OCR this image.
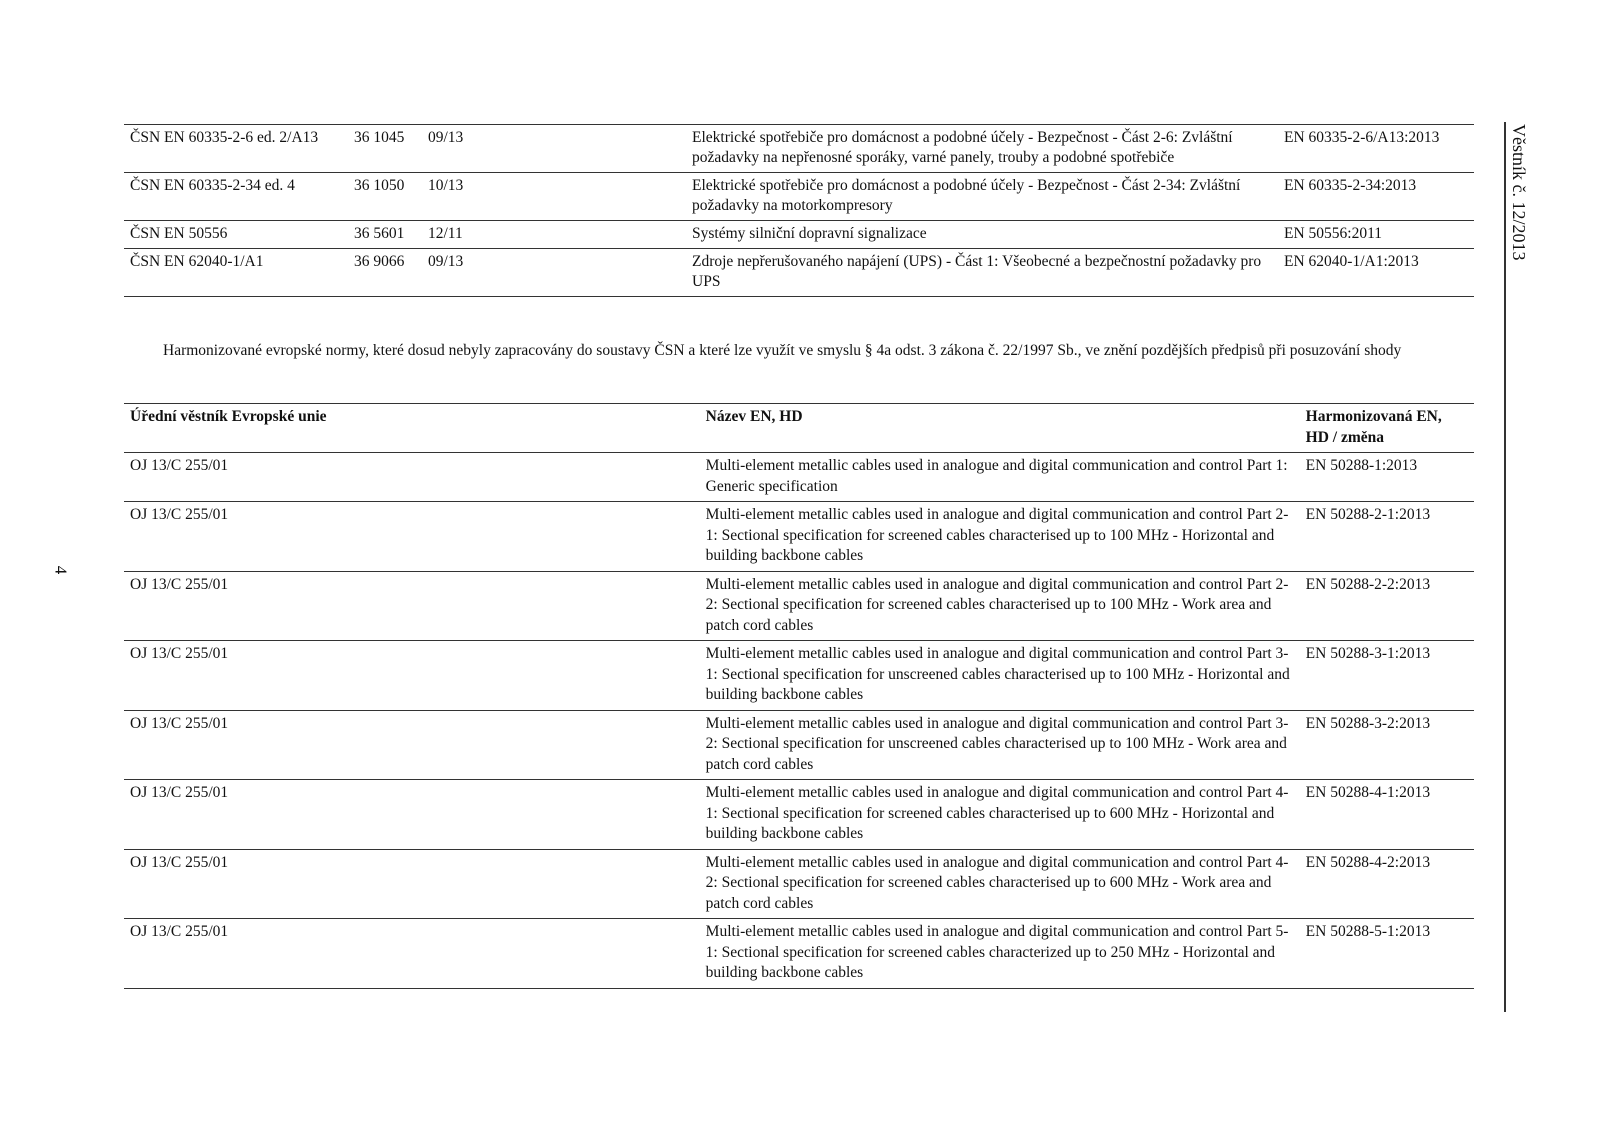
4
Věstník č. 12/2013
ČSN EN 60335-2-6 ed. 2/A13	36 1045	09/13	Elektrické spotřebiče pro domácnost a podobné účely - Bezpečnost - Část 2-6: Zvláštní požadavky na nepřenosné sporáky, varné panely, trouby a podobné spotřebiče	EN 60335-2-6/A13:2013
ČSN EN 60335-2-34 ed. 4	36 1050	10/13	Elektrické spotřebiče pro domácnost a podobné účely - Bezpečnost - Část 2-34: Zvláštní požadavky na motorkompresory	EN 60335-2-34:2013
ČSN EN 50556	36 5601	12/11	Systémy silniční dopravní signalizace	EN 50556:2011
ČSN EN 62040-1/A1	36 9066	09/13	Zdroje nepřerušovaného napájení (UPS) - Část 1: Všeobecné a bezpečnostní požadavky pro UPS	EN 62040-1/A1:2013
Harmonizované evropské normy, které dosud nebyly zapracovány do soustavy ČSN a které lze využít ve smyslu § 4a odst. 3 zákona č. 22/1997 Sb., ve znění pozdějších předpisů při posuzování shody
Úřední věstník Evropské unie	Název EN, HD	Harmonizovaná EN, HD / změna
OJ 13/C 255/01	Multi-element metallic cables used in analogue and digital communication and control Part 1: Generic specification	EN 50288-1:2013
OJ 13/C 255/01	Multi-element metallic cables used in analogue and digital communication and control Part 2-1: Sectional specification for screened cables characterised up to 100 MHz - Horizontal and building backbone cables	EN 50288-2-1:2013
OJ 13/C 255/01	Multi-element metallic cables used in analogue and digital communication and control Part 2-2: Sectional specification for screened cables characterised up to 100 MHz - Work area and patch cord cables	EN 50288-2-2:2013
OJ 13/C 255/01	Multi-element metallic cables used in analogue and digital communication and control Part 3-1: Sectional specification for unscreened cables characterised up to 100 MHz - Horizontal and building backbone cables	EN 50288-3-1:2013
OJ 13/C 255/01	Multi-element metallic cables used in analogue and digital communication and control Part 3-2: Sectional specification for unscreened cables characterised up to 100 MHz - Work area and patch cord cables	EN 50288-3-2:2013
OJ 13/C 255/01	Multi-element metallic cables used in analogue and digital communication and control Part 4-1: Sectional specification for screened cables characterised up to 600 MHz - Horizontal and building backbone cables	EN 50288-4-1:2013
OJ 13/C 255/01	Multi-element metallic cables used in analogue and digital communication and control Part 4-2: Sectional specification for screened cables characterised up to 600 MHz - Work area and patch cord cables	EN 50288-4-2:2013
OJ 13/C 255/01	Multi-element metallic cables used in analogue and digital communication and control Part 5-1: Sectional specification for screened cables characterized up to 250 MHz - Horizontal and building backbone cables	EN 50288-5-1:2013
